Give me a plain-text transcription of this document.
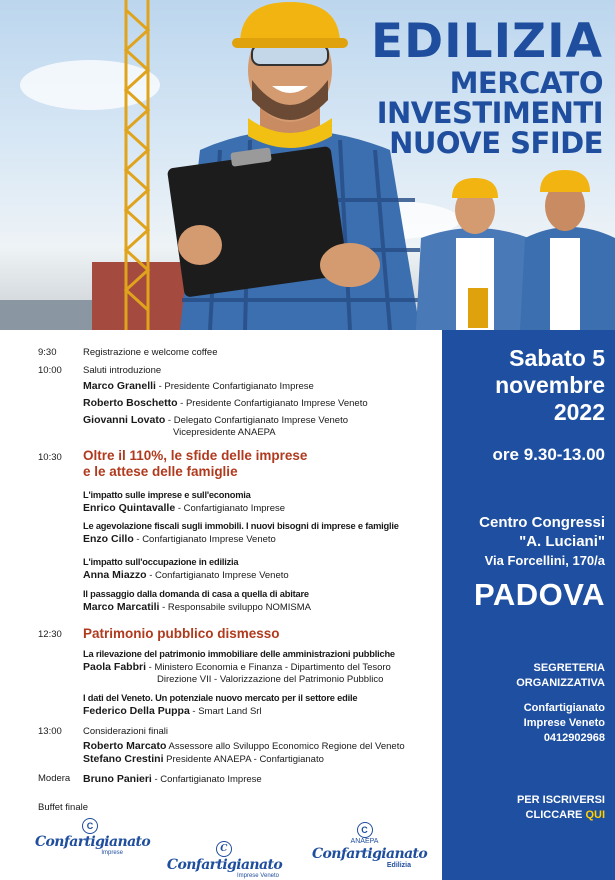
EDILIZIA

MERCATO

INVESTIMENTI

NUOVE SFIDE

9:30	Registrazione e welcome coffee

10:00 Saluti introduzione

Marco Granelli - Presidente Confartigianato Imprese

Roberto Boschetto - Presidente Confartigianato Imprese Veneto

Giovanni Lovato - Delegato Confartigianato Imprese Veneto

Vicepresidente ANAEPA

10:30 Oltre il 110%, le sfide delle imprese

e le attese delle famiglie

L'impatto sulle imprese e sull'economia

Enrico Quintavalle - Confartigianato Imprese

Le agevolazione fiscali sugli immobili. I nuovi bisogni di imprese e famiglie

Enzo Cillo - Confartigianato Imprese Veneto

L'impatto sull'occupazione in edilizia

Anna Miazzo - Confartigianato Imprese Veneto

Il passaggio dalla domanda di casa a quella di abitare

Marco Marcatili - Responsabile sviluppo NOMISMA

12:30 Patrimonio pubblico dismesso

La rilevazione del patrimonio immobiliare delle amministrazioni pubbliche

Paola Fabbri - Ministero Economia e Finanza - Dipartimento del Tesoro

Direzione VII - Valorizzazione del Patrimonio Pubblico

I dati del Veneto. Un potenziale nuovo mercato per il settore edile

Federico Della Puppa - Smart Land Srl

13:00 Considerazioni finali

Roberto Marcato Assessore allo Sviluppo Economico Regione del Veneto

Stefano Crestini Presidente ANAEPA - Confartigianato

Modera Bruno Panieri - Confartigianato Imprese

Buffet finale

C
Confartigianato
Imprese	CConfartigianato
Imprese Veneto
C
ANAEPA
Confartigianato
Edilizia

Sabato 5

novembre

2022

ore 9.30-13.00

Centro Congressi

"A. Luciani"

Via Forcellini, 170/a

PADOVA

SEGRETERIA

ORGANIZZATIVA

Confartigianato

Imprese Veneto

0412902968

PER ISCRIVERSI

CLICCARE QUI
